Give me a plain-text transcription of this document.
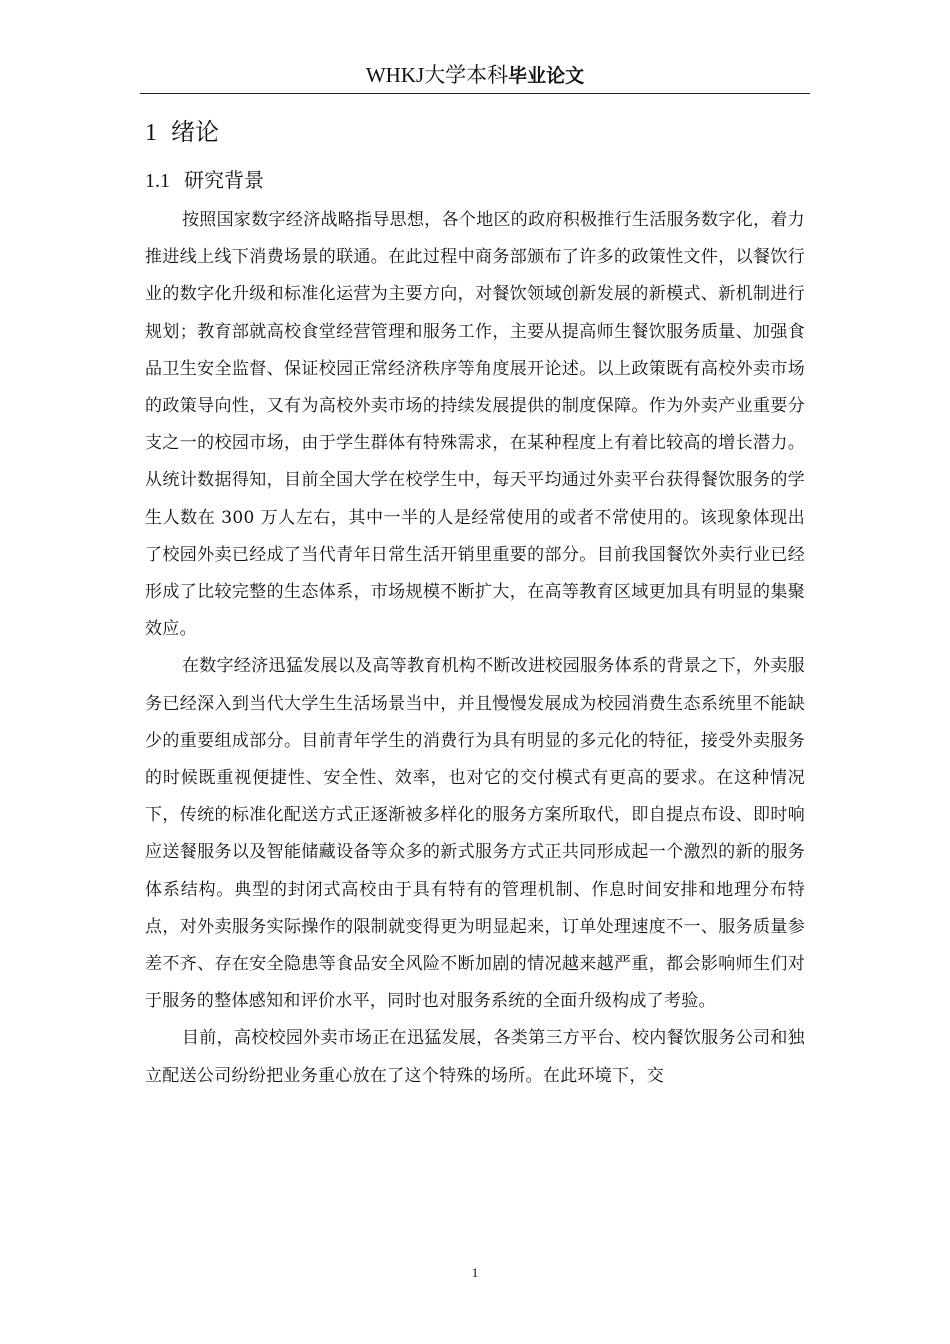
WHKJ大学本科毕业论文
1 绪论
1.1 研究背景

按照国家数字经济战略指导思想，各个地区的政府积极推行生活服务数字化，着力推进线上线下消费场景的联通。在此过程中商务部颁布了许多的政策性文件，以餐饮行业的数字化升级和标准化运营为主要方向，对餐饮领域创新发展的新模式、新机制进行规划；教育部就高校食堂经营管理和服务工作，主要从提高师生餐饮服务质量、加强食品卫生安全监督、保证校园正常经济秩序等角度展开论述。以上政策既有高校外卖市场的政策导向性，又有为高校外卖市场的持续发展提供的制度保障。作为外卖产业重要分支之一的校园市场，由于学生群体有特殊需求，在某种程度上有着比较高的增长潜力。从统计数据得知，目前全国大学在校学生中，每天平均通过外卖平台获得餐饮服务的学生人数在 300 万人左右，其中一半的人是经常使用的或者不常使用的。该现象体现出了校园外卖已经成了当代青年日常生活开销里重要的部分。目前我国餐饮外卖行业已经形成了比较完整的生态体系，市场规模不断扩大，在高等教育区域更加具有明显的集聚效应。

在数字经济迅猛发展以及高等教育机构不断改进校园服务体系的背景之下，外卖服务已经深入到当代大学生生活场景当中，并且慢慢发展成为校园消费生态系统里不能缺少的重要组成部分。目前青年学生的消费行为具有明显的多元化的特征，接受外卖服务的时候既重视便捷性、安全性、效率，也对它的交付模式有更高的要求。在这种情况下，传统的标准化配送方式正逐渐被多样化的服务方案所取代，即自提点布设、即时响应送餐服务以及智能储藏设备等众多的新式服务方式正共同形成起一个激烈的新的服务体系结构。典型的封闭式高校由于具有特有的管理机制、作息时间安排和地理分布特点，对外卖服务实际操作的限制就变得更为明显起来，订单处理速度不一、服务质量参差不齐、存在安全隐患等食品安全风险不断加剧的情况越来越严重，都会影响师生们对于服务的整体感知和评价水平，同时也对服务系统的全面升级构成了考验。

目前，高校校园外卖市场正在迅猛发展，各类第三方平台、校内餐饮服务公司和独立配送公司纷纷把业务重心放在了这个特殊的场所。在此环境下，交

1
